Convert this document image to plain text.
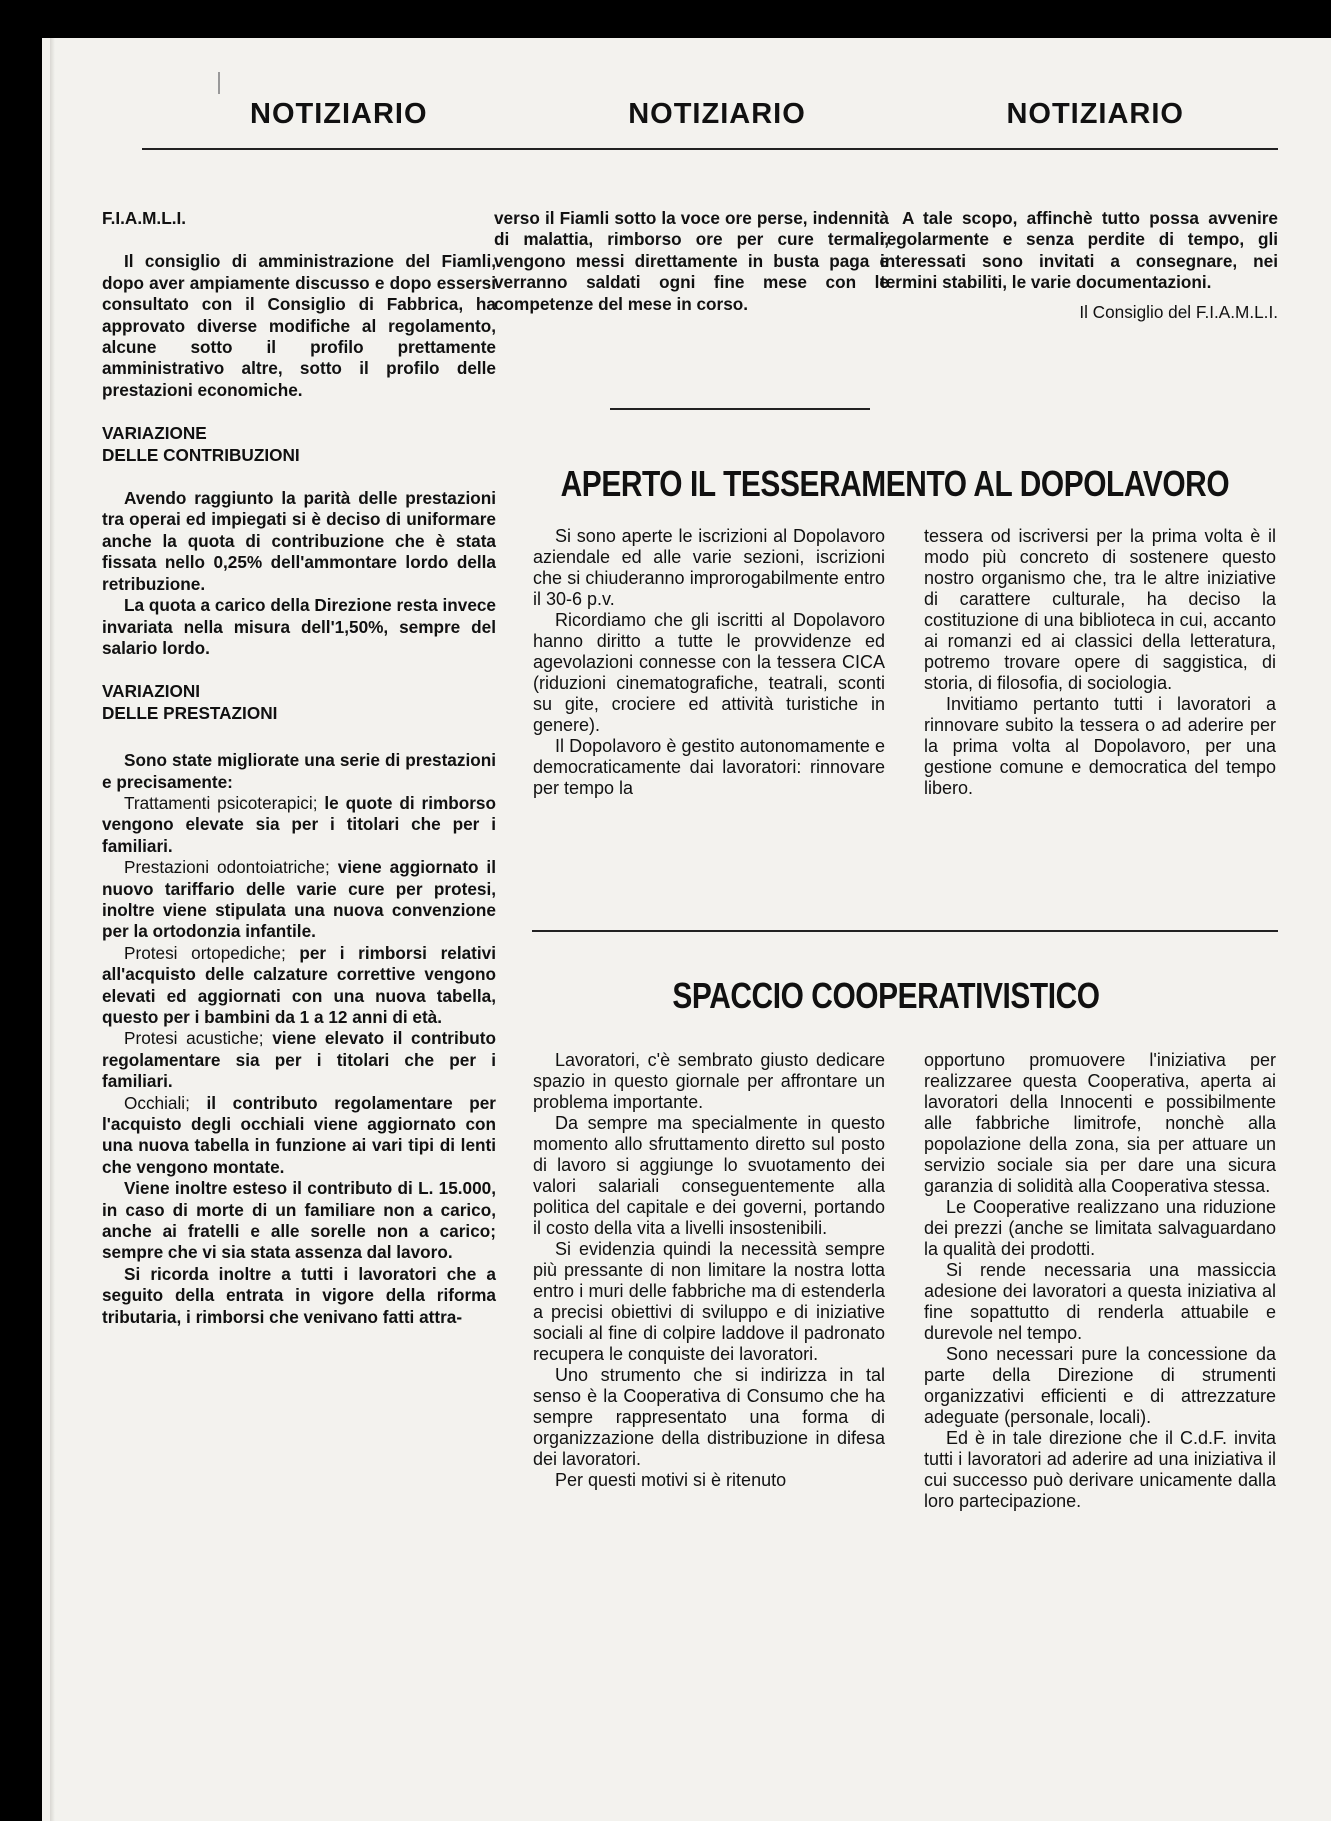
NOTIZIARIO	NOTIZIARIO	NOTIZIARIO

F.I.A.M.L.I.

Il consiglio di amministrazione del Fiamli, dopo aver ampiamente discusso e dopo essersi consultato con il Consiglio di Fabbrica, ha approvato diverse modifiche al regolamento, alcune sotto il profilo prettamente amministrativo altre, sotto il profilo delle prestazioni economiche.

VARIAZIONE

DELLE CONTRIBUZIONI

Avendo raggiunto la parità delle prestazioni tra operai ed impiegati si è deciso di uniformare anche la quota di contribuzione che è stata fissata nello 0,25% dell'ammontare lordo della retribuzione.

La quota a carico della Direzione resta invece invariata nella misura dell'1,50%, sempre del salario lordo.

VARIAZIONI

DELLE PRESTAZIONI

Sono state migliorate una serie di prestazioni e precisamente:

Trattamenti psicoterapici; le quote di rimborso vengono elevate sia per i titolari che per i familiari.

Prestazioni odontoiatriche; viene aggiornato il nuovo tariffario delle varie cure per protesi, inoltre viene stipulata una nuova convenzione per la ortodonzia infantile.

Protesi ortopediche; per i rimborsi relativi all'acquisto delle calzature correttive vengono elevati ed aggiornati con una nuova tabella, questo per i bambini da 1 a 12 anni di età.

Protesi acustiche; viene elevato il contributo regolamentare sia per i titolari che per i familiari.

Occhiali; il contributo regolamentare per l'acquisto degli occhiali viene aggiornato con una nuova tabella in funzione ai vari tipi di lenti che vengono montate.

Viene inoltre esteso il contributo di L. 15.000, in caso di morte di un familiare non a carico, anche ai fratelli e alle sorelle non a carico; sempre che vi sia stata assenza dal lavoro.

Si ricorda inoltre a tutti i lavoratori che a seguito della entrata in vigore della riforma tributaria, i rimborsi che venivano fatti attra-

verso il Fiamli sotto la voce ore perse, indennità di malattia, rimborso ore per cure termali, vengono messi direttamente in busta paga e verranno saldati ogni fine mese con le competenze del mese in corso.

A tale scopo, affinchè tutto possa avvenire regolarmente e senza perdite di tempo, gli interessati sono invitati a consegnare, nei termini stabiliti, le varie documentazioni.

Il Consiglio del F.I.A.M.L.I.

APERTO IL TESSERAMENTO AL DOPOLAVORO

Si sono aperte le iscrizioni al Dopolavoro aziendale ed alle varie sezioni, iscrizioni che si chiuderanno improrogabilmente entro il 30-6 p.v.

Ricordiamo che gli iscritti al Dopolavoro hanno diritto a tutte le provvidenze ed agevolazioni connesse con la tessera CICA (riduzioni cinematografiche, teatrali, sconti su gite, crociere ed attività turistiche in genere).

Il Dopolavoro è gestito autonomamente e democraticamente dai lavoratori: rinnovare per tempo la

tessera od iscriversi per la prima volta è il modo più concreto di sostenere questo nostro organismo che, tra le altre iniziative di carattere culturale, ha deciso la costituzione di una biblioteca in cui, accanto ai romanzi ed ai classici della letteratura, potremo trovare opere di saggistica, di storia, di filosofia, di sociologia.

Invitiamo pertanto tutti i lavoratori a rinnovare subito la tessera o ad aderire per la prima volta al Dopolavoro, per una gestione comune e democratica del tempo libero.

SPACCIO COOPERATIVISTICO

Lavoratori, c'è sembrato giusto dedicare spazio in questo giornale per affrontare un problema importante.

Da sempre ma specialmente in questo momento allo sfruttamento diretto sul posto di lavoro si aggiunge lo svuotamento dei valori salariali conseguentemente alla politica del capitale e dei governi, portando il costo della vita a livelli insostenibili.

Si evidenzia quindi la necessità sempre più pressante di non limitare la nostra lotta entro i muri delle fabbriche ma di estenderla a precisi obiettivi di sviluppo e di iniziative sociali al fine di colpire laddove il padronato recupera le conquiste dei lavoratori.

Uno strumento che si indirizza in tal senso è la Cooperativa di Consumo che ha sempre rappresentato una forma di organizzazione della distribuzione in difesa dei lavoratori.

Per questi motivi si è ritenuto

opportuno promuovere l'iniziativa per realizzaree questa Cooperativa, aperta ai lavoratori della Innocenti e possibilmente alle fabbriche limitrofe, nonchè alla popolazione della zona, sia per attuare un servizio sociale sia per dare una sicura garanzia di solidità alla Cooperativa stessa.

Le Cooperative realizzano una riduzione dei prezzi (anche se limitata salvaguardano la qualità dei prodotti.

Si rende necessaria una massiccia adesione dei lavoratori a questa iniziativa al fine sopattutto di renderla attuabile e durevole nel tempo.

Sono necessari pure la concessione da parte della Direzione di strumenti organizzativi efficienti e di attrezzature adeguate (personale, locali).

Ed è in tale direzione che il C.d.F. invita tutti i lavoratori ad aderire ad una iniziativa il cui successo può derivare unicamente dalla loro partecipazione.
